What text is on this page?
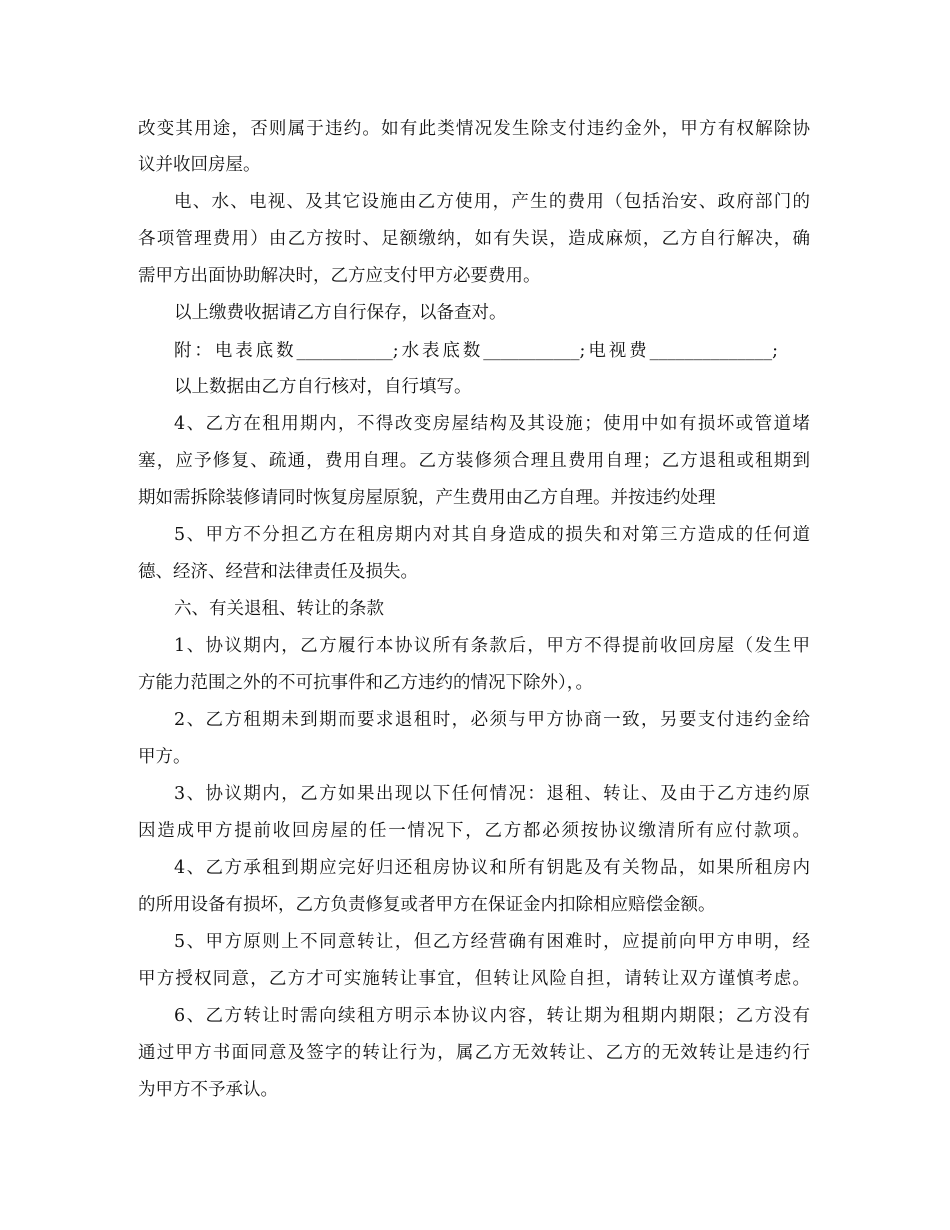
改变其用途，否则属于违约。如有此类情况发生除支付违约金外，甲方有权解除协

议并收回房屋。

电、水、电视、及其它设施由乙方使用，产生的费用（包括治安、政府部门的

各项管理费用）由乙方按时、足额缴纳，如有失误，造成麻烦，乙方自行解决，确

需甲方出面协助解决时，乙方应支付甲方必要费用。

以上缴费收据请乙方自行保存，以备查对。

附：电表底数___________;水表底数___________;电视费______________;

以上数据由乙方自行核对，自行填写。

4、乙方在租用期内，不得改变房屋结构及其设施；使用中如有损坏或管道堵

塞，应予修复、疏通，费用自理。乙方装修须合理且费用自理；乙方退租或租期到

期如需拆除装修请同时恢复房屋原貌，产生费用由乙方自理。并按违约处理

5、甲方不分担乙方在租房期内对其自身造成的损失和对第三方造成的任何道

德、经济、经营和法律责任及损失。

六、有关退租、转让的条款

1、协议期内，乙方履行本协议所有条款后，甲方不得提前收回房屋（发生甲

方能力范围之外的不可抗事件和乙方违约的情况下除外），。

2、乙方租期未到期而要求退租时，必须与甲方协商一致，另要支付违约金给

甲方。

3、协议期内，乙方如果出现以下任何情况：退租、转让、及由于乙方违约原

因造成甲方提前收回房屋的任一情况下，乙方都必须按协议缴清所有应付款项。

4、乙方承租到期应完好归还租房协议和所有钥匙及有关物品，如果所租房内

的所用设备有损坏，乙方负责修复或者甲方在保证金内扣除相应赔偿金额。

5、甲方原则上不同意转让，但乙方经营确有困难时，应提前向甲方申明，经

甲方授权同意，乙方才可实施转让事宜，但转让风险自担，请转让双方谨慎考虑。

6、乙方转让时需向续租方明示本协议内容，转让期为租期内期限；乙方没有

通过甲方书面同意及签字的转让行为，属乙方无效转让、乙方的无效转让是违约行

为甲方不予承认。
